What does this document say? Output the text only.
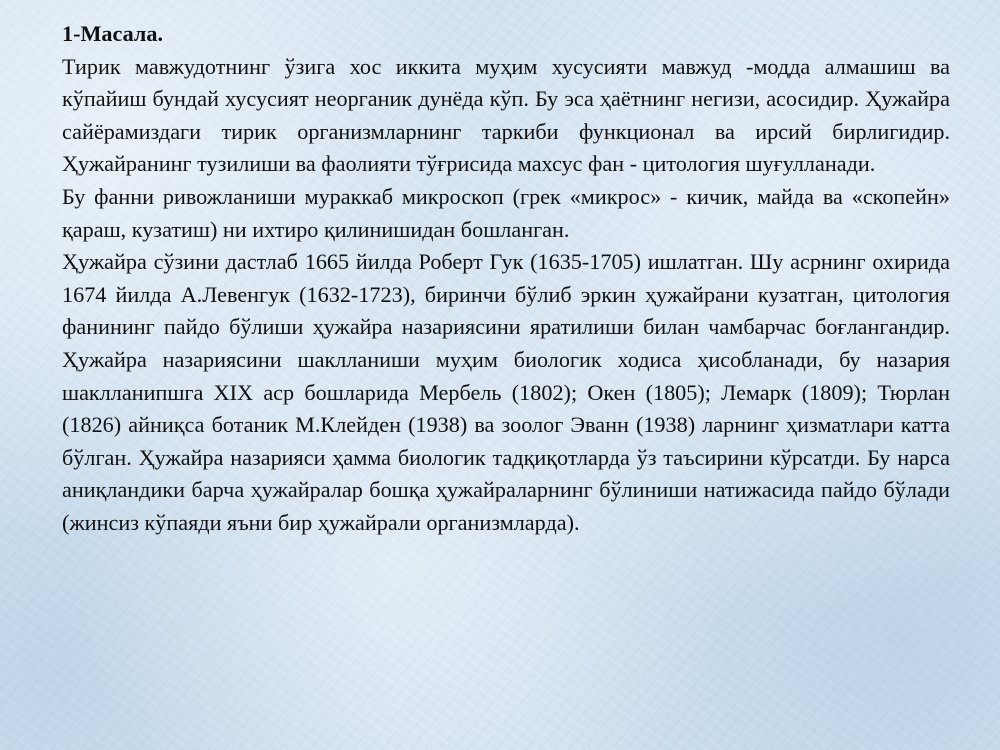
1-Масала.

Тирик мавжудотнинг ўзига хос иккита муҳим хусусияти мавжуд -модда алмашиш ва кўпайиш бундай хусусият неорганик дунёда кўп. Бу эса ҳаётнинг негизи, асосидир. Ҳужайра сайёрамиздаги тирик организмларнинг таркиби функционал ва ирсий бирлигидир. Ҳужайранинг тузилиши ва фаолияти тўғрисида махсус фан - цитология шуғулланади.

Бу фанни ривожланиши мураккаб микроскоп (грек «микрос» - кичик, майда ва «скопейн» қараш, кузатиш) ни ихтиро қилинишидан бошланган.

Ҳужайра сўзини дастлаб 1665 йилда Роберт Гук (1635-1705) ишлатган. Шу асрнинг охирида 1674 йилда А.Левенгук (1632-1723), биринчи бўлиб эркин ҳужайрани кузатган, цитология фанининг пайдо бўлиши ҳужайра назариясини яратилиши билан чамбарчас боғлангандир. Ҳужайра назариясини шаклланиши муҳим биологик ходиса ҳисобланади, бу назария шаклланипшга XIX аср бошларида Мербель (1802); Окен (1805); Лемарк (1809); Тюрлан (1826) айниқса ботаник М.Клейден (1938) ва зоолог Эванн (1938) ларнинг ҳизматлари катта бўлган. Ҳужайра назарияси ҳамма биологик тадқиқотларда ўз таъсирини кўрсатди. Бу нарса аниқландики барча ҳужайралар бошқа ҳужайраларнинг бўлиниши натижасида пайдо бўлади (жинсиз кўпаяди яъни бир ҳужайрали организмларда).
